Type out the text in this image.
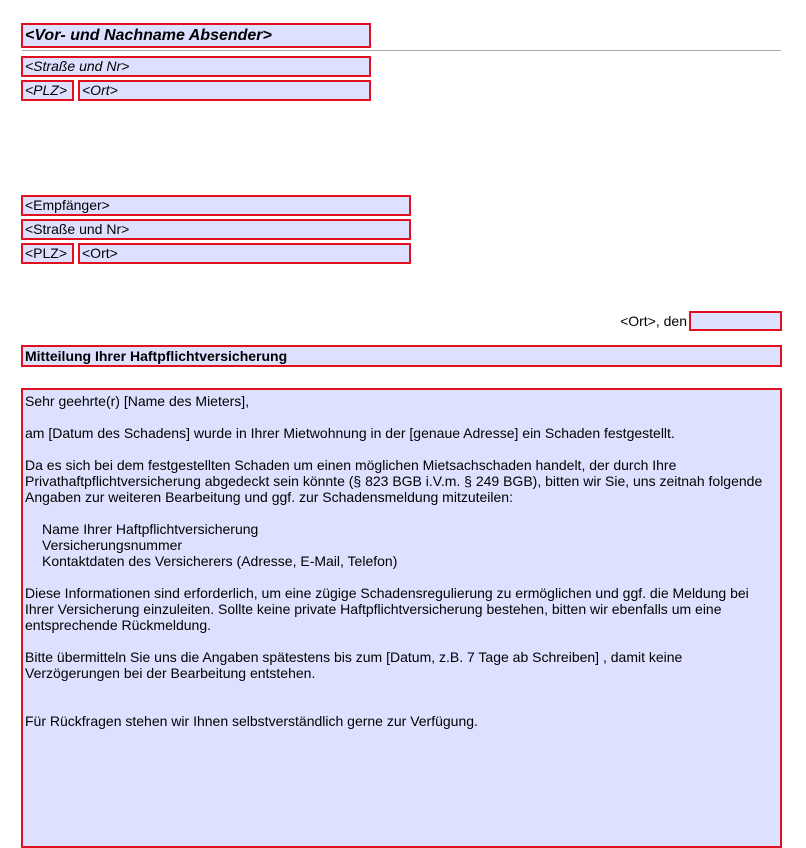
<Vor- und Nachname Absender>
<Straße und Nr>
<PLZ>	<Ort>
<Empfänger>
<Straße und Nr>
<PLZ>	<Ort>
<Ort>, den
Mitteilung Ihrer Haftpflichtversicherung

Sehr geehrte(r) [Name des Mieters],

am [Datum des Schadens] wurde in Ihrer Mietwohnung in der [genaue Adresse] ein Schaden festgestellt.

Da es sich bei dem festgestellten Schaden um einen möglichen Mietsachschaden handelt, der durch Ihre Privathaftpflichtversicherung abgedeckt sein könnte (§ 823 BGB i.V.m. § 249 BGB), bitten wir Sie, uns zeitnah folgende Angaben zur weiteren Bearbeitung und ggf. zur Schadensmeldung mitzuteilen:

Name Ihrer Haftpflichtversicherung
Versicherungsnummer
Kontaktdaten des Versicherers (Adresse, E-Mail, Telefon)

Diese Informationen sind erforderlich, um eine zügige Schadensregulierung zu ermöglichen und ggf. die Meldung bei Ihrer Versicherung einzuleiten. Sollte keine private Haftpflichtversicherung bestehen, bitten wir ebenfalls um eine entsprechende Rückmeldung.

Bitte übermitteln Sie uns die Angaben spätestens bis zum [Datum, z.B. 7 Tage ab Schreiben] , damit keine Verzögerungen bei der Bearbeitung entstehen.

Für Rückfragen stehen wir Ihnen selbstverständlich gerne zur Verfügung.
